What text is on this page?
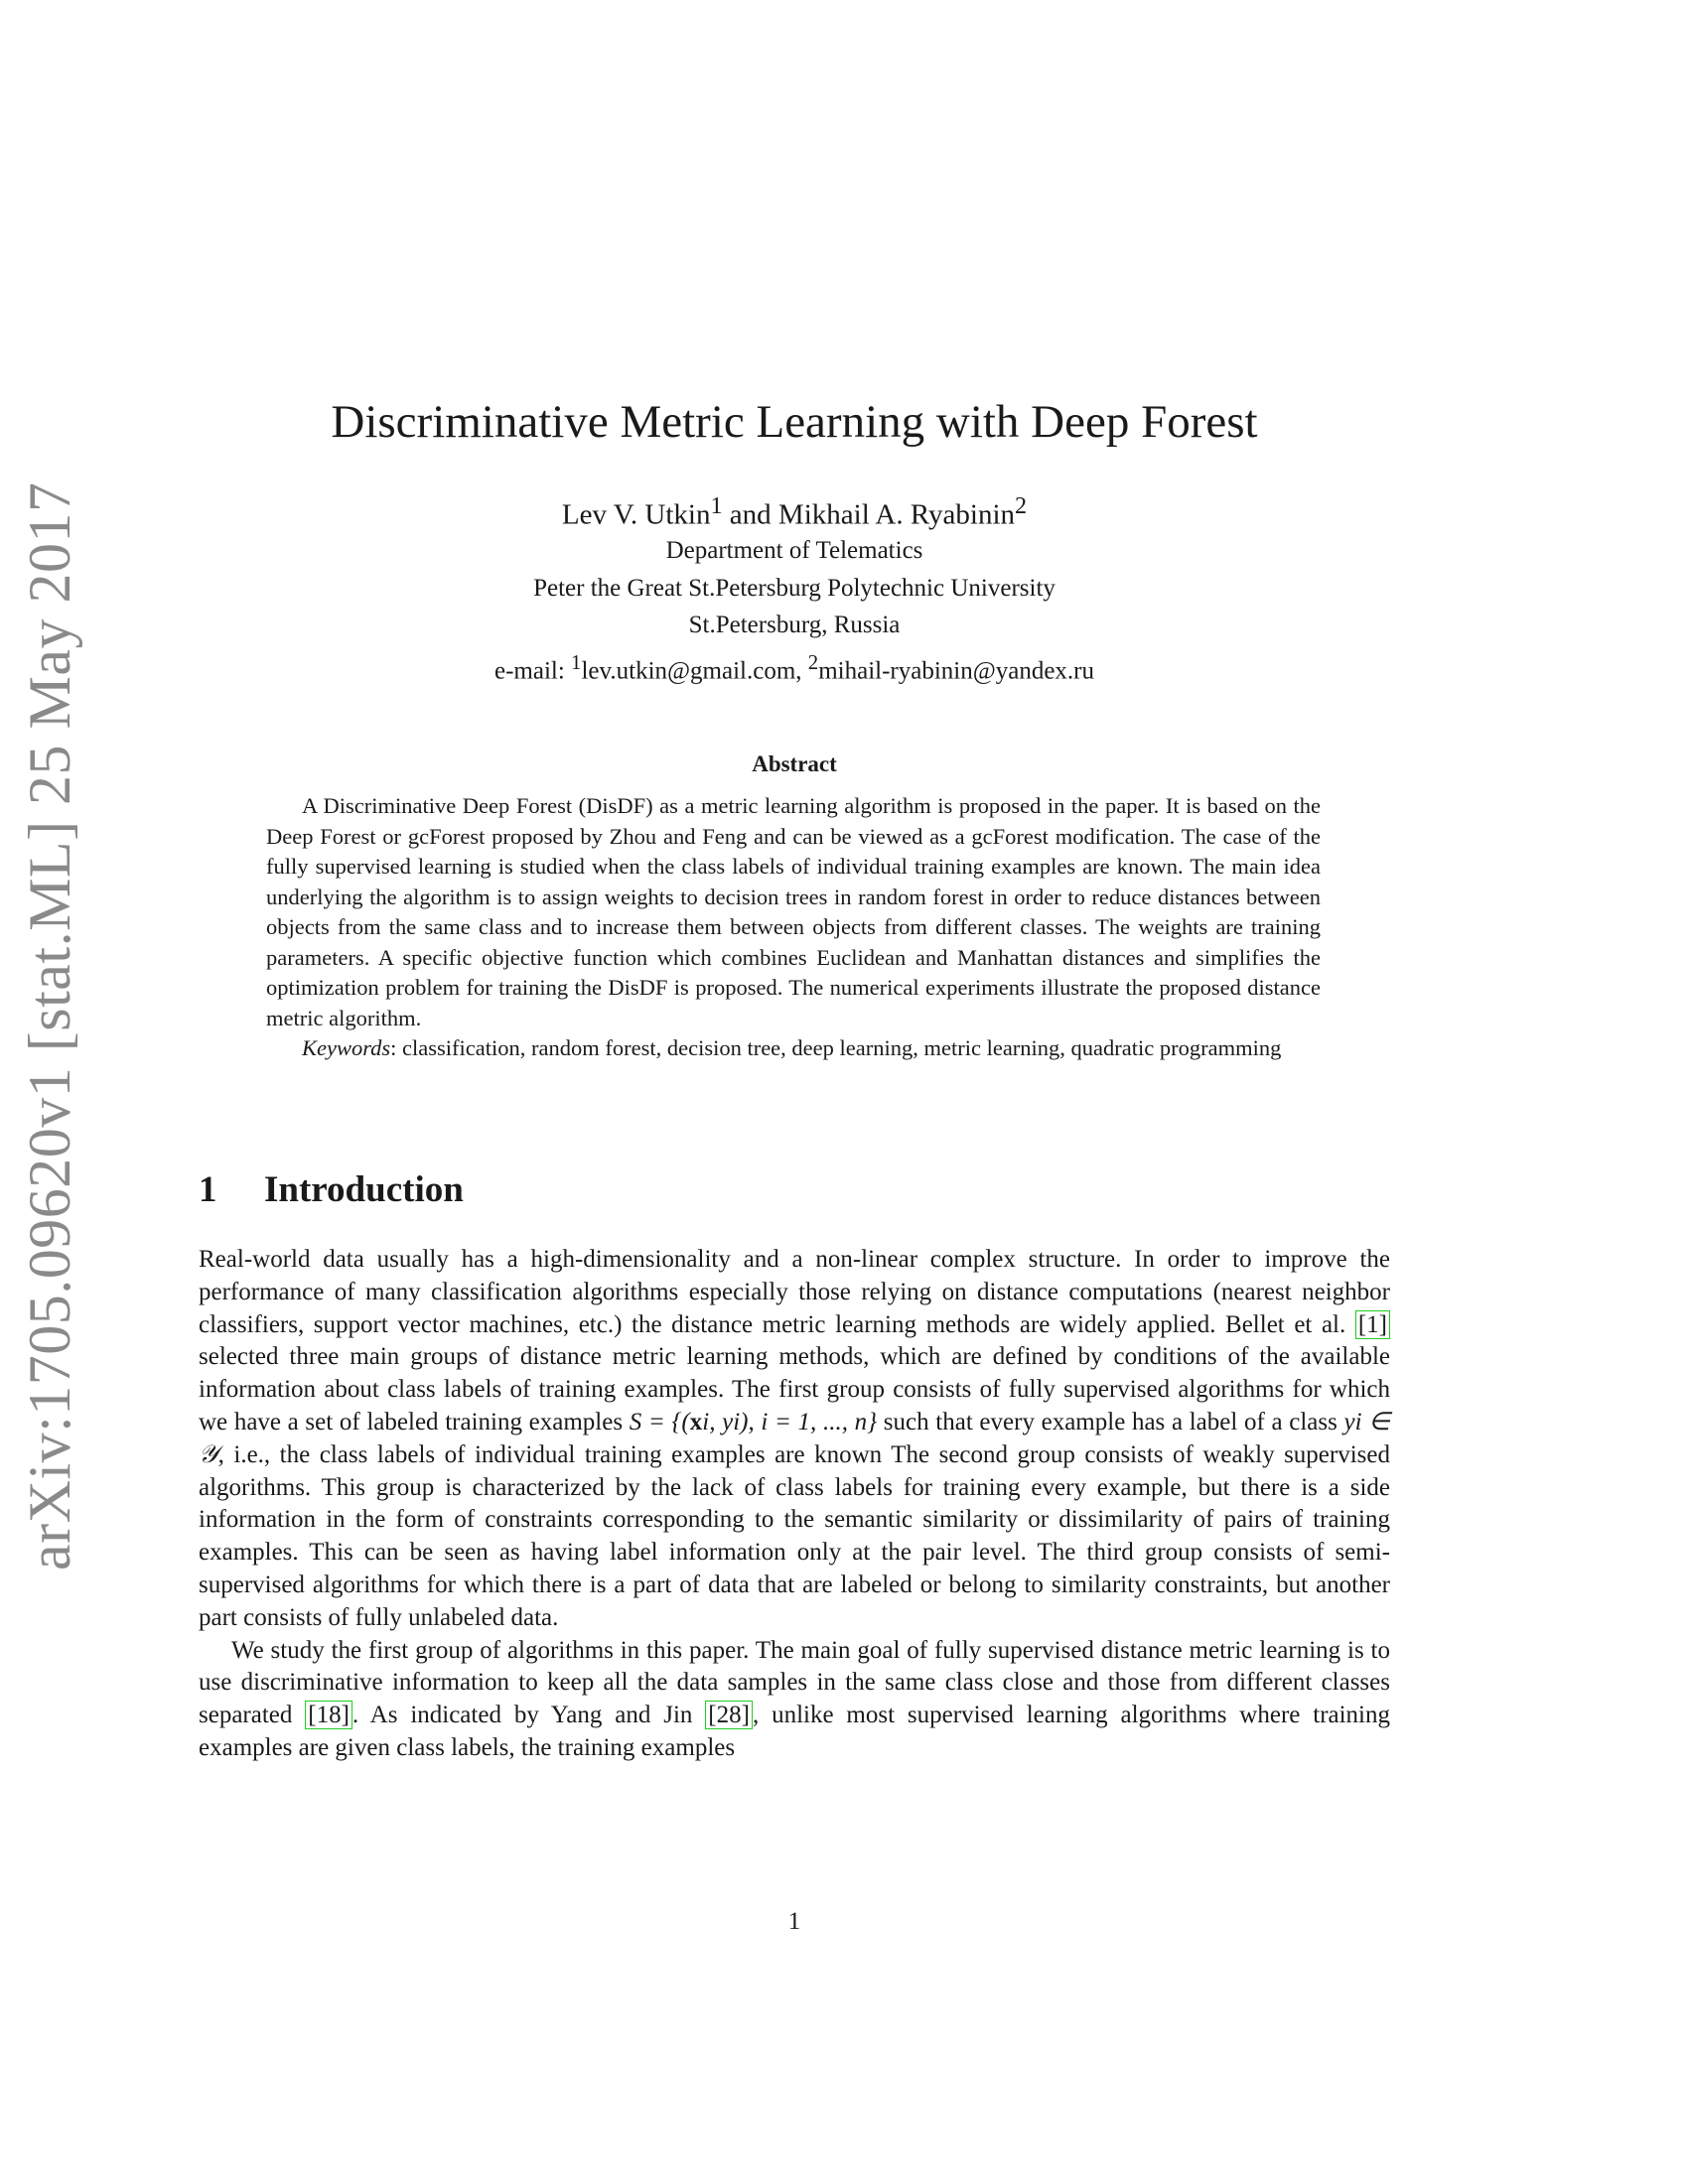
arXiv:1705.09620v1 [stat.ML] 25 May 2017
Discriminative Metric Learning with Deep Forest
Lev V. Utkin$^1$ and Mikhail A. Ryabinin$^2$
Department of Telematics
Peter the Great St.Petersburg Polytechnic University
St.Petersburg, Russia
e-mail: $^1$lev.utkin@gmail.com, $^2$mihail-ryabinin@yandex.ru
Abstract

A Discriminative Deep Forest (DisDF) as a metric learning algorithm is proposed in the paper. It is based on the Deep Forest or gcForest proposed by Zhou and Feng and can be viewed as a gcForest modification. The case of the fully supervised learning is studied when the class labels of individual training examples are known. The main idea underlying the algorithm is to assign weights to decision trees in random forest in order to reduce distances between objects from the same class and to increase them between objects from different classes. The weights are training parameters. A specific objective function which combines Euclidean and Manhattan distances and simplifies the optimization problem for training the DisDF is proposed. The numerical experiments illustrate the proposed distance metric algorithm.

Keywords: classification, random forest, decision tree, deep learning, metric learning, quadratic programming

1 Introduction

Real-world data usually has a high-dimensionality and a non-linear complex structure. In order to improve the performance of many classification algorithms especially those relying on distance computations (nearest neighbor classifiers, support vector machines, etc.) the distance metric learning methods are widely applied. Bellet et al. [1] selected three main groups of distance metric learning methods, which are defined by conditions of the available information about class labels of training examples. The first group consists of fully supervised algorithms for which we have a set of labeled training examples S = {(xi, yi), i = 1, ..., n} such that every example has a label of a class yi ∈ 𝒴, i.e., the class labels of individual training examples are known The second group consists of weakly supervised algorithms. This group is characterized by the lack of class labels for training every example, but there is a side information in the form of constraints corresponding to the semantic similarity or dissimilarity of pairs of training examples. This can be seen as having label information only at the pair level. The third group consists of semi-supervised algorithms for which there is a part of data that are labeled or belong to similarity constraints, but another part consists of fully unlabeled data.

We study the first group of algorithms in this paper. The main goal of fully supervised distance metric learning is to use discriminative information to keep all the data samples in the same class close and those from different classes separated [18] . As indicated by Yang and Jin [28] , unlike most supervised learning algorithms where training examples are given class labels, the training examples

1
